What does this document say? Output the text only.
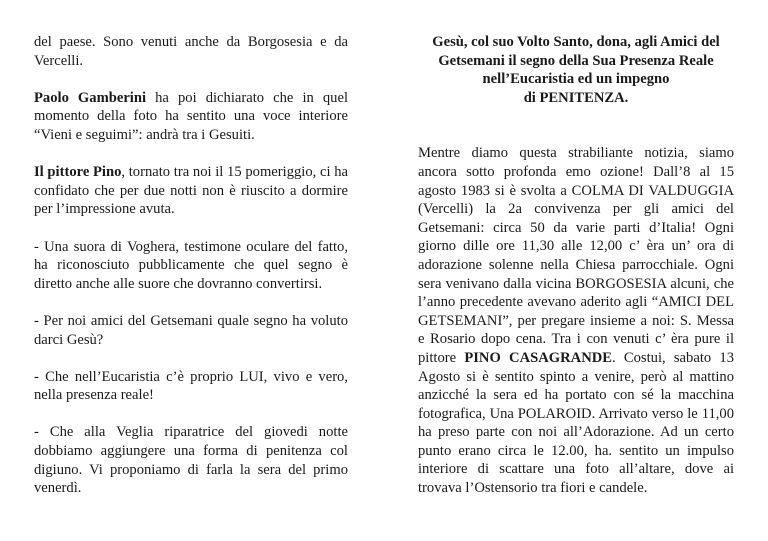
del paese. Sono venuti anche da Borgosesia e da Vercelli.

Paolo Gamberini ha poi dichiarato che in quel momento della foto ha sentito una voce interiore “Vieni e seguimi”: andrà tra i Gesuiti.

Il pittore Pino, tornato tra noi il 15 pomeriggio, ci ha confidato che per due notti non è riuscito a dormire            per l’impressione avuta.

- Una suora di Voghera, testimone oculare del fatto, ha riconosciuto pubblicamente che quel segno è diretto anche alle suore che dovranno convertirsi.

- Per noi amici del Getsemani quale segno ha voluto darci Gesù?

- Che nell’Eucaristia c’è proprio LUI, vivo e vero, nella presenza reale!

- Che alla Veglia riparatrice del giovedi notte dobbiamo aggiungere una forma di penitenza col digiuno. Vi proponiamo di farla la sera del primo venerdì.

Gesù, col suo Volto Santo, dona, agli Amici del
Getsemani il segno della Sua Presenza Reale
nell’Eucaristia ed un impegno
di PENITENZA.

Mentre diamo questa strabiliante notizia, siamo ancora sotto profonda emo ozione! Dall’8 al 15 agosto 1983 si è svolta a COLMA DI VALDUGGIA (Vercelli) la 2a convivenza per gli amici del Getsemani: circa 50 da varie parti d’Italia! Ogni giorno dille ore 11,30 alle 12,00 c’ èra un’ ora di adorazione solenne nella Chiesa parrocchiale. Ogni sera venivano dalla vicina BORGOSESIA alcuni, che l’anno precedente avevano aderito agli “AMICI DEL GETSEMANI”, per pregare insieme a noi: S. Messa e Rosario dopo cena. Tra i con venuti c’ èra pure il pittore PINO CASAGRANDE. Costui, sabato 13 Agosto si è sentito spinto a venire, però al mattino anzicché la sera ed ha portato con sé la macchina fotografica, Una POLAROID. Arrivato verso le 11,00 ha preso parte con noi all’Adorazione. Ad un certo punto erano circa le 12.00, ha. sentito un impulso interiore di scattare una foto all’altare, dove ai trovava l’Ostensorio tra fiori e candele.
